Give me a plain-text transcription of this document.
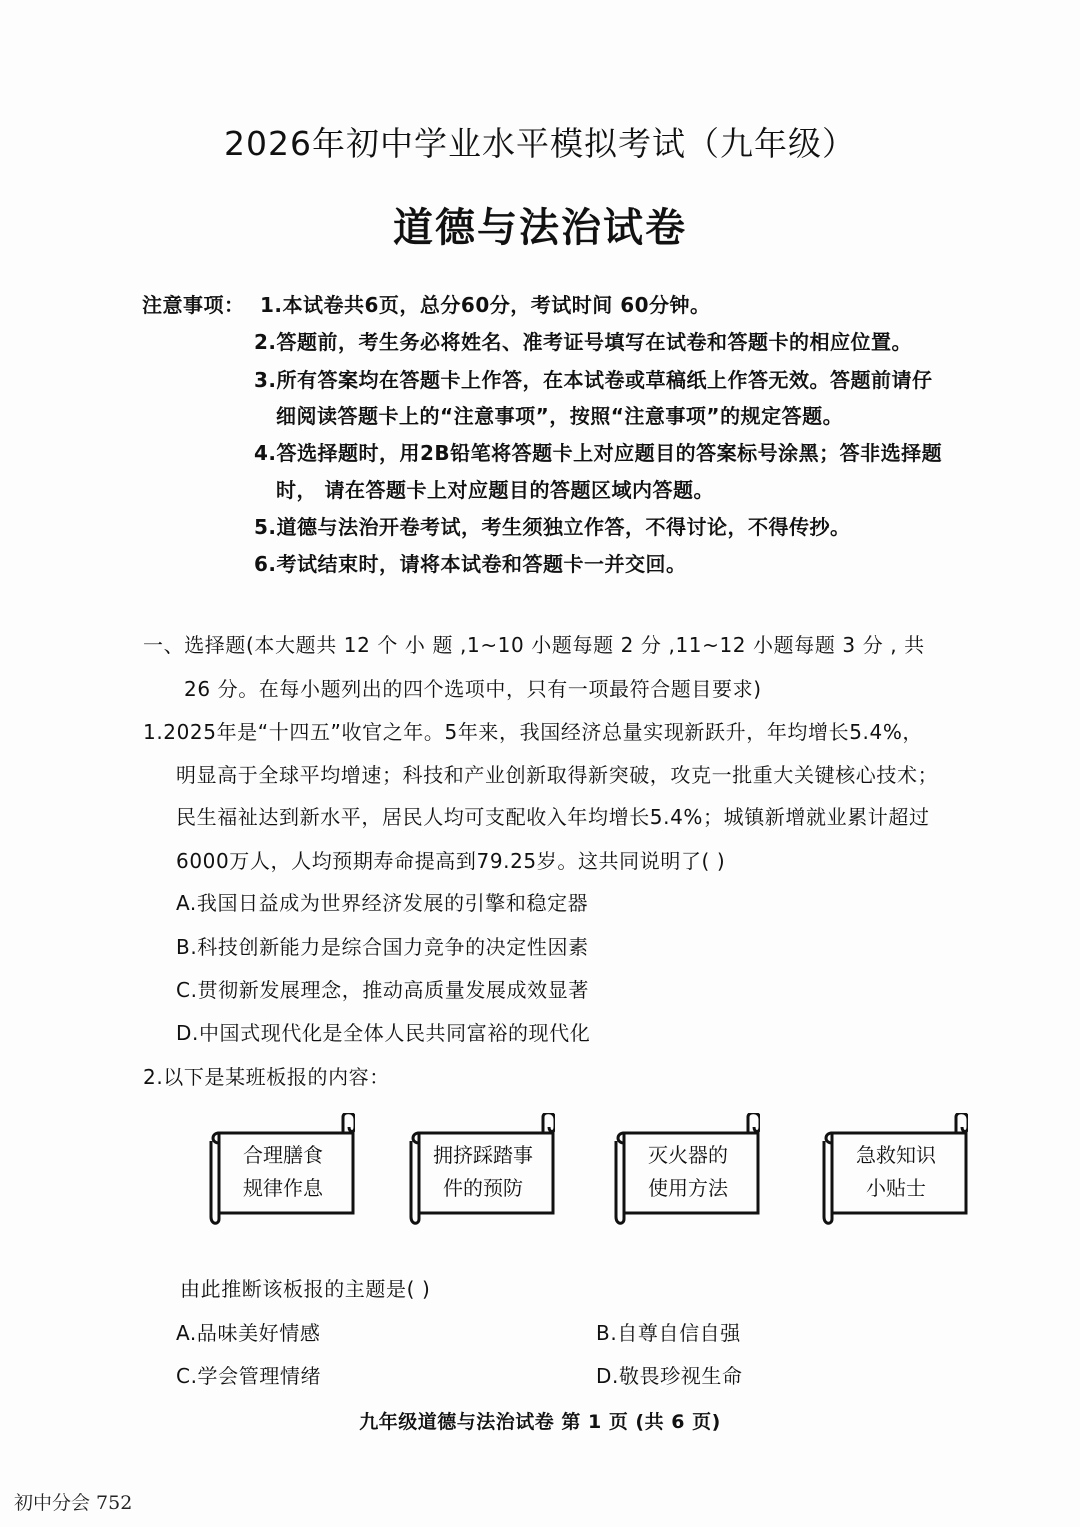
2026年初中学业水平模拟考试（九年级）
道德与法治试卷
注意事项： 1.本试卷共6页，总分60分，考试时间 60分钟。
2.答题前，考生务必将姓名、准考证号填写在试卷和答题卡的相应位置。
3.所有答案均在答题卡上作答，在本试卷或草稿纸上作答无效。答题前请仔
细阅读答题卡上的“注意事项”，按照“注意事项”的规定答题。
4.答选择题时，用2B铅笔将答题卡上对应题目的答案标号涂黑；答非选择题
时， 请在答题卡上对应题目的答题区域内答题。
5.道德与法治开卷考试，考生须独立作答，不得讨论，不得传抄。
6.考试结束时，请将本试卷和答题卡一并交回。
一、选择题(本大题共 12 个 小 题 ,1~10 小题每题 2 分 ,11~12 小题每题 3 分 , 共
26 分。在每小题列出的四个选项中，只有一项最符合题目要求)
1.2025年是“十四五”收官之年。5年来，我国经济总量实现新跃升，年均增长5.4%，
明显高于全球平均增速；科技和产业创新取得新突破，攻克一批重大关键核心技术；
民生福祉达到新水平，居民人均可支配收入年均增长5.4%；城镇新增就业累计超过
6000万人，人均预期寿命提高到79.25岁。这共同说明了( )
A.我国日益成为世界经济发展的引擎和稳定器
B.科技创新能力是综合国力竞争的决定性因素
C.贯彻新发展理念，推动高质量发展成效显著
D.中国式现代化是全体人民共同富裕的现代化
2.以下是某班板报的内容：
合理膳食
规律作息
拥挤踩踏事
件的预防
灭火器的
使用方法
急救知识
小贴士
由此推断该板报的主题是( )
A.品味美好情感	B.自尊自信自强
C.学会管理情绪	D.敬畏珍视生命
九年级道德与法治试卷 第 1 页 (共 6 页)
初中分会 752
